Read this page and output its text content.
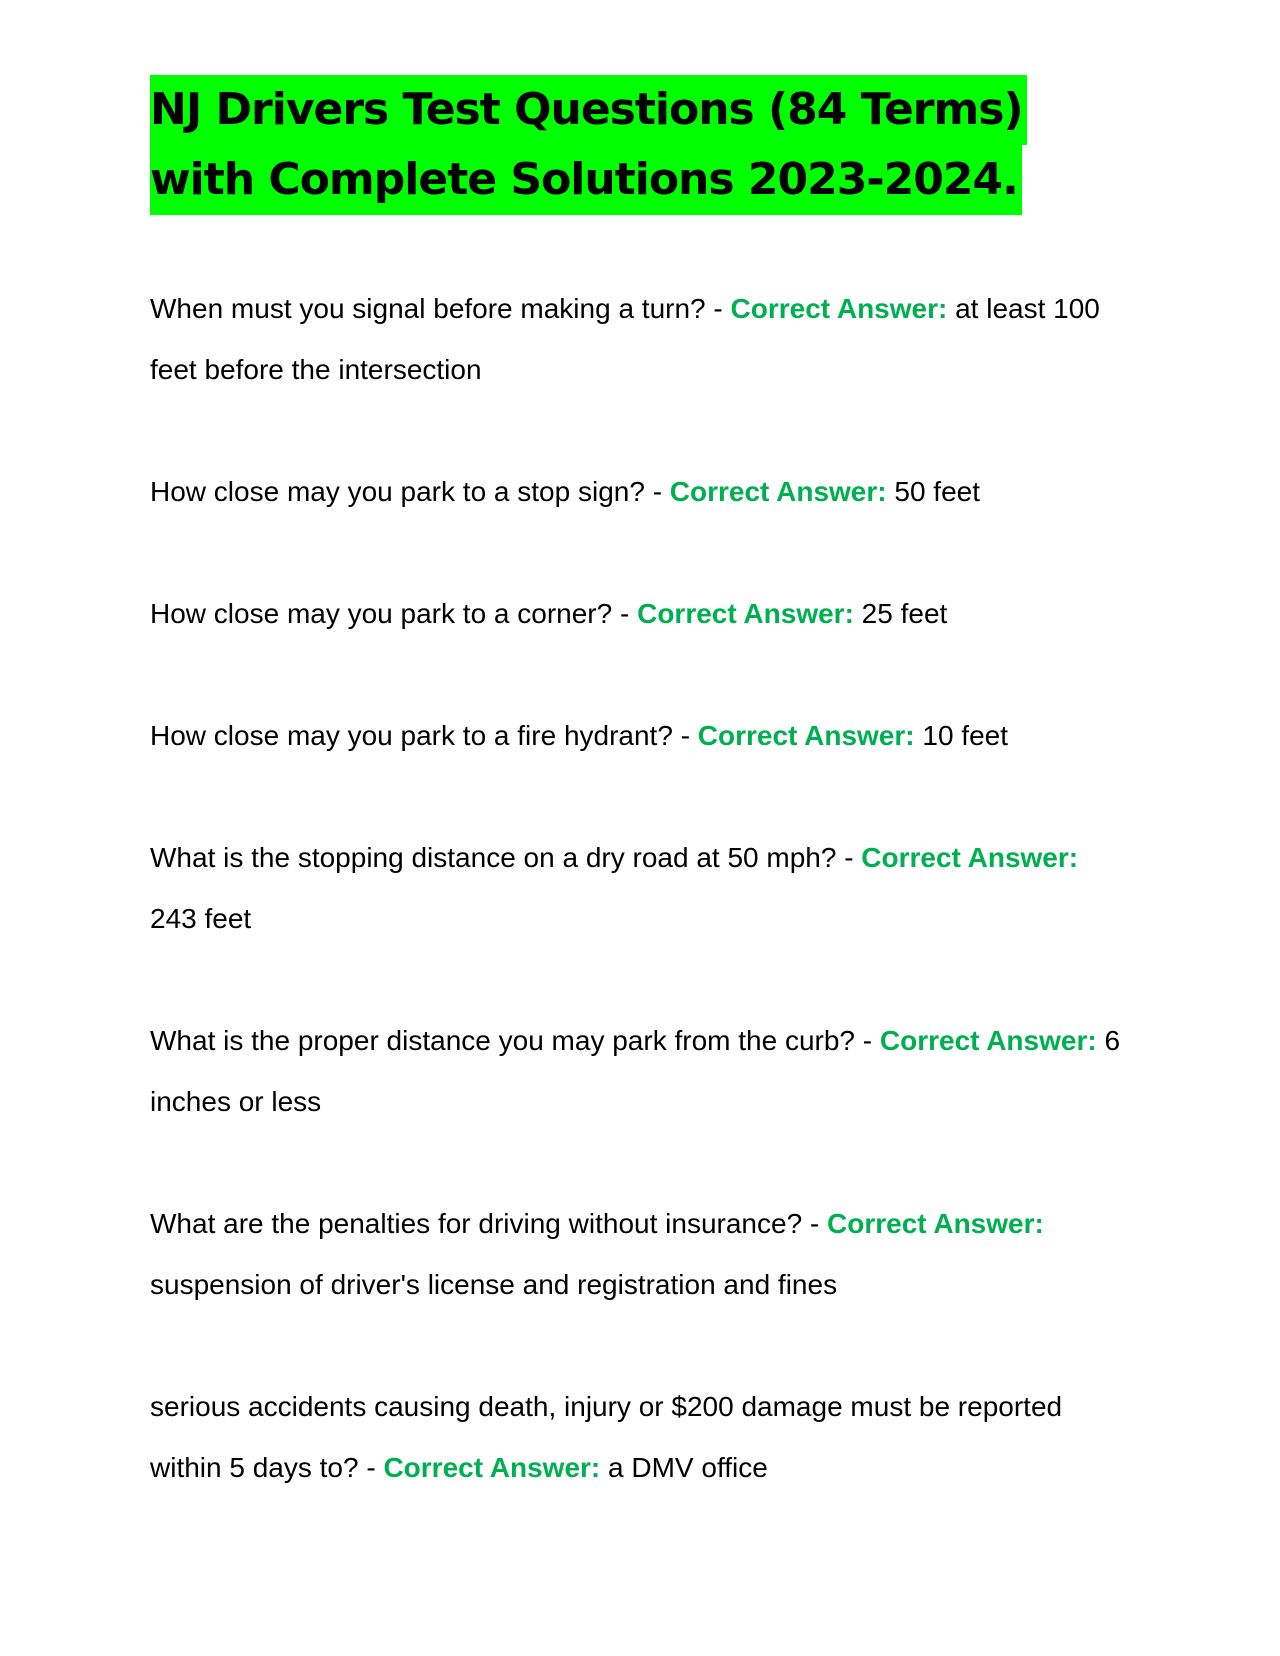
NJ Drivers Test Questions (84 Terms)
with Complete Solutions 2023-2024.

When must you signal before making a turn? - Correct Answer: at least 100 feet before the intersection

How close may you park to a stop sign? - Correct Answer: 50 feet

How close may you park to a corner? - Correct Answer: 25 feet

How close may you park to a fire hydrant? - Correct Answer: 10 feet

What is the stopping distance on a dry road at 50 mph? - Correct Answer: 243 feet

What is the proper distance you may park from the curb? - Correct Answer: 6 inches or less

What are the penalties for driving without insurance? - Correct Answer: suspension of driver's license and registration and fines

serious accidents causing death, injury or $200 damage must be reported within 5 days to? - Correct Answer: a DMV office
